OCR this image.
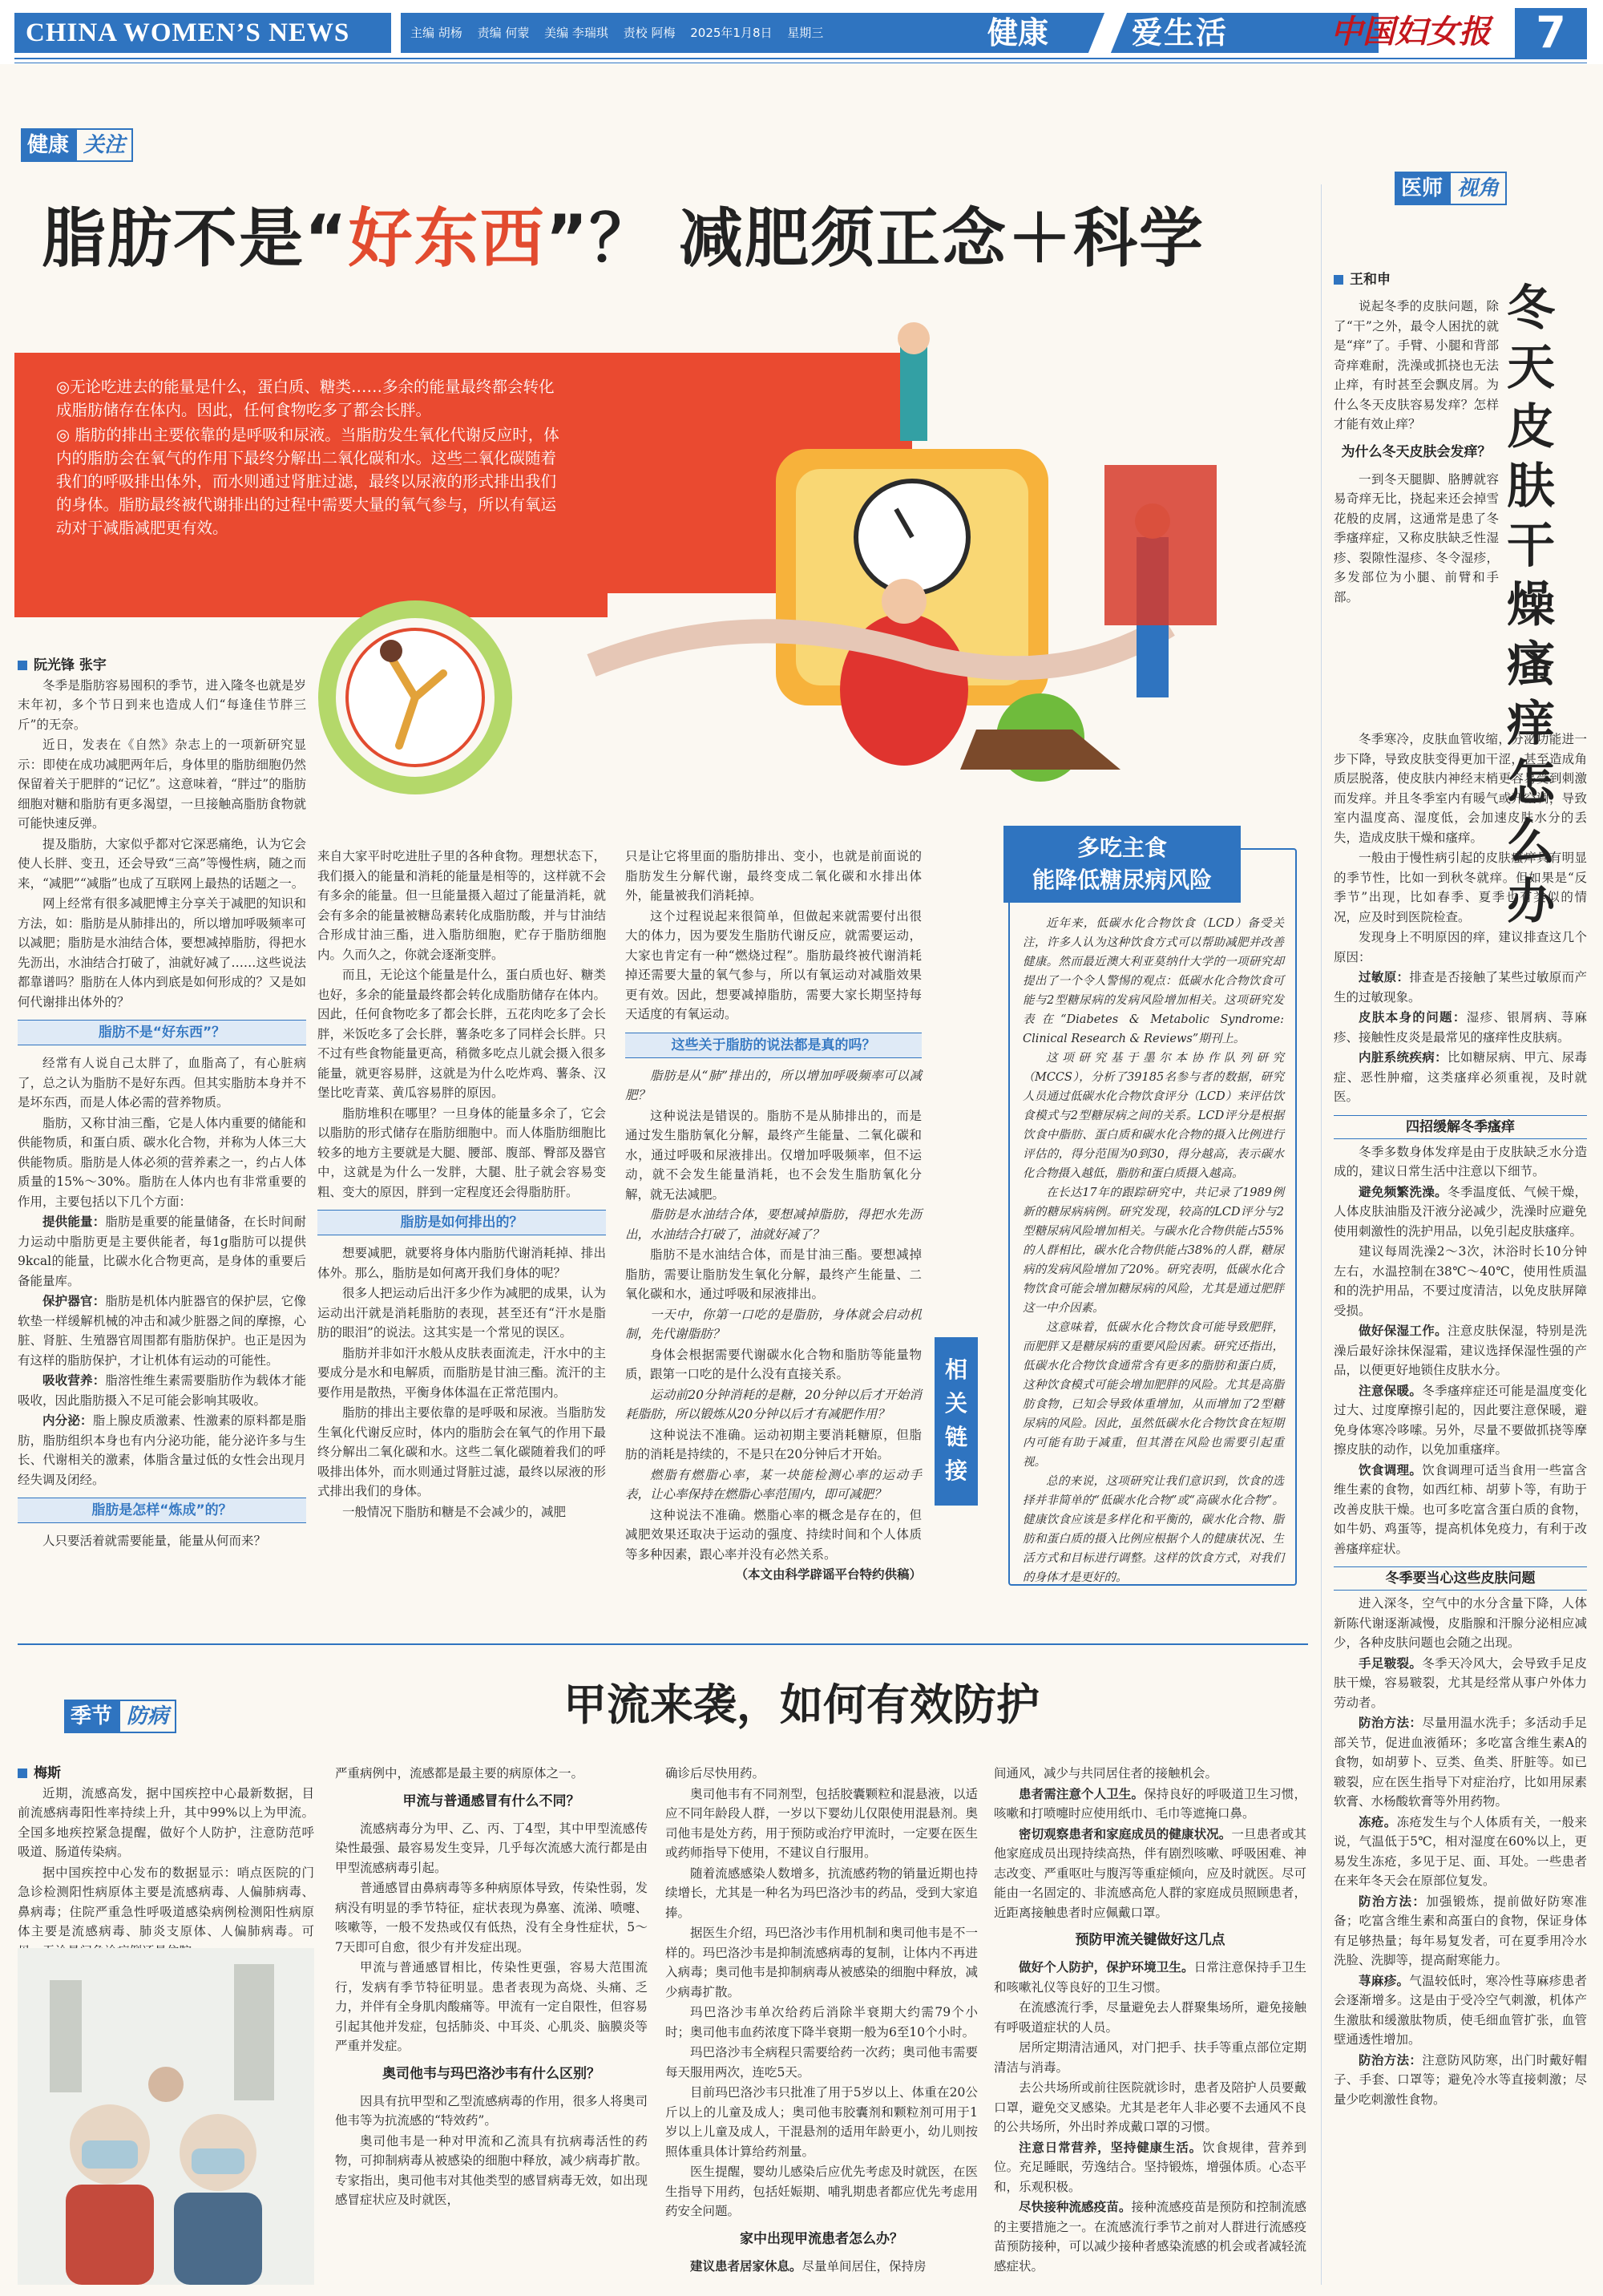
CHINA WOMEN’S NEWS	主编 胡杨 责编 何蒙 美编 李瑞琪 责校 阿梅 2025年1月8日 星期三	健康	爱生活	中国妇女报	7
健康 关注
脂肪不是“好东西”？ 减肥须正念＋科学

◎无论吃进去的能量是什么，蛋白质、糖类……多余的能量最终都会转化成脂肪储存在体内。因此，任何食物吃多了都会长胖。

◎ 脂肪的排出主要依靠的是呼吸和尿液。当脂肪发生氧化代谢反应时，体内的脂肪会在氧气的作用下最终分解出二氧化碳和水。这些二氧化碳随着我们的呼吸排出体外，而水则通过肾脏过滤，最终以尿液的形式排出我们的身体。脂肪最终被代谢排出的过程中需要大量的氧气参与，所以有氧运动对于减脂减肥更有效。

阮光锋 张宇

冬季是脂肪容易囤积的季节，进入隆冬也就是岁末年初，多个节日到来也造成人们“每逢佳节胖三斤”的无奈。

近日，发表在《自然》杂志上的一项新研究显示：即使在成功减肥两年后，身体里的脂肪细胞仍然保留着关于肥胖的“记忆”。这意味着，“胖过”的脂肪细胞对糖和脂肪有更多渴望，一旦接触高脂肪食物就可能快速反弹。

提及脂肪，大家似乎都对它深恶痛绝，认为它会使人长胖、变丑，还会导致“三高”等慢性病，随之而来，“减肥”“减脂”也成了互联网上最热的话题之一。

网上经常有很多减肥博主分享关于减肥的知识和方法，如：脂肪是从肺排出的，所以增加呼吸频率可以减肥；脂肪是水油结合体，要想减掉脂肪，得把水先沥出，水油结合打破了，油就好减了……这些说法都靠谱吗？脂肪在人体内到底是如何形成的？又是如何代谢排出体外的？

脂肪不是“好东西”？

经常有人说自己太胖了，血脂高了，有心脏病了，总之认为脂肪不是好东西。但其实脂肪本身并不是坏东西，而是人体必需的营养物质。

脂肪，又称甘油三酯，它是人体内重要的储能和供能物质，和蛋白质、碳水化合物，并称为人体三大供能物质。脂肪是人体必须的营养素之一，约占人体质量的15%～30%。脂肪在人体内也有非常重要的作用，主要包括以下几个方面：

提供能量：脂肪是重要的能量储备，在长时间耐力运动中脂肪更是主要供能者，每1g脂肪可以提供9kcal的能量，比碳水化合物更高，是身体的重要后备能量库。

保护器官：脂肪是机体内脏器官的保护层，它像软垫一样缓解机械的冲击和减少脏器之间的摩擦，心脏、肾脏、生殖器官周围都有脂肪保护。也正是因为有这样的脂肪保护，才让机体有运动的可能性。

吸收营养：脂溶性维生素需要脂肪作为载体才能吸收，因此脂肪摄入不足可能会影响其吸收。

内分泌：脂上腺皮质激素、性激素的原料都是脂肪，脂肪组织本身也有内分泌功能，能分泌许多与生长、代谢相关的激素，体脂含量过低的女性会出现月经失调及闭经。

脂肪是怎样“炼成”的？

人只要活着就需要能量，能量从何而来？

来自大家平时吃进肚子里的各种食物。理想状态下，我们摄入的能量和消耗的能量是相等的，这样就不会有多余的能量。但一旦能量摄入超过了能量消耗，就会有多余的能量被糖岛素转化成脂肪酸，并与甘油结合形成甘油三酯，进入脂肪细胞，贮存于脂肪细胞内。久而久之，你就会逐渐变胖。

而且，无论这个能量是什么，蛋白质也好、糖类也好，多余的能量最终都会转化成脂肪储存在体内。因此，任何食物吃多了都会长胖，五花肉吃多了会长胖，米饭吃多了会长胖，薯条吃多了同样会长胖。只不过有些食物能量更高，稍微多吃点儿就会摄入很多能量，就更容易胖，这就是为什么吃炸鸡、薯条、汉堡比吃青菜、黄瓜容易胖的原因。

脂肪堆积在哪里？一旦身体的能量多余了，它会以脂肪的形式储存在脂肪细胞中。而人体脂肪细胞比较多的地方主要就是大腿、腰部、腹部、臀部及器官中，这就是为什么一发胖，大腿、肚子就会容易变粗、变大的原因，胖到一定程度还会得脂肪肝。

脂肪是如何排出的？

想要减肥，就要将身体内脂肪代谢消耗掉、排出体外。那么，脂肪是如何离开我们身体的呢？

很多人把运动后出汗多少作为减肥的成果，认为运动出汗就是消耗脂肪的表现，甚至还有“汗水是脂肪的眼泪”的说法。这其实是一个常见的误区。

脂肪并非如汗水般从皮肤表面流走，汗水中的主要成分是水和电解质，而脂肪是甘油三酯。流汗的主要作用是散热，平衡身体体温在正常范围内。

脂肪的排出主要依靠的是呼吸和尿液。当脂肪发生氧化代谢反应时，体内的脂肪会在氧气的作用下最终分解出二氧化碳和水。这些二氧化碳随着我们的呼吸排出体外，而水则通过肾脏过滤，最终以尿液的形式排出我们的身体。

一般情况下脂肪和糖是不会减少的，减肥

只是让它将里面的脂肪排出、变小，也就是前面说的脂肪发生分解代谢，最终变成二氧化碳和水排出体外，能量被我们消耗掉。

这个过程说起来很简单，但做起来就需要付出很大的体力，因为要发生脂肪代谢反应，就需要运动，大家也肯定有一种“燃烧过程”。脂肪最终被代谢消耗掉还需要大量的氧气参与，所以有氧运动对减脂效果更有效。因此，想要减掉脂肪，需要大家长期坚持每天适度的有氧运动。

这些关于脂肪的说法都是真的吗？

脂肪是从“肺”排出的，所以增加呼吸频率可以减肥？

这种说法是错误的。脂肪不是从肺排出的，而是通过发生脂肪氧化分解，最终产生能量、二氧化碳和水，通过呼吸和尿液排出。仅增加呼吸频率，但不运动，就不会发生能量消耗，也不会发生脂肪氧化分解，就无法减肥。

脂肪是水油结合体，要想减掉脂肪，得把水先沥出，水油结合打破了，油就好减了？

脂肪不是水油结合体，而是甘油三酯。要想减掉脂肪，需要让脂肪发生氧化分解，最终产生能量、二氧化碳和水，通过呼吸和尿液排出。

一天中，你第一口吃的是脂肪，身体就会启动机制，先代谢脂肪？

身体会根据需要代谢碳水化合物和脂肪等能量物质，跟第一口吃的是什么没有直接关系。

运动前20分钟消耗的是糖，20分钟以后才开始消耗脂肪，所以锻炼从20分钟以后才有减肥作用？

这种说法不准确。运动初期主要消耗糖原，但脂肪的消耗是持续的，不是只在20分钟后才开始。

燃脂有燃脂心率，某一块能检测心率的运动手表，让心率保持在燃脂心率范围内，即可减肥？

这种说法不准确。燃脂心率的概念是存在的，但减肥效果还取决于运动的强度、持续时间和个人体质等多种因素，跟心率并没有必然关系。

（本文由科学辟谣平台特约供稿）

多吃主食
能降低糖尿病风险
相关链接

近年来，低碳水化合物饮食（LCD）备受关注，许多人认为这种饮食方式可以帮助减肥并改善健康。然而最近澳大利亚莫纳什大学的一项研究却提出了一个令人警惕的观点：低碳水化合物饮食可能与2型糖尿病的发病风险增加相关。这项研究发表在“Diabetes & Metabolic Syndrome: Clinical Research & Reviews”期刊上。

这项研究基于墨尔本协作队列研究（MCCS），分析了39185名参与者的数据，研究人员通过低碳水化合物饮食评分（LCD）来评估饮食模式与2型糖尿病之间的关系。LCD评分是根据饮食中脂肪、蛋白质和碳水化合物的摄入比例进行评估的，得分范围为0到30，得分越高，表示碳水化合物摄入越低，脂肪和蛋白质摄入越高。

在长达17年的跟踪研究中，共记录了1989例新的糖尿病病例。研究发现，较高的LCD评分与2型糖尿病风险增加相关。与碳水化合物供能占55%的人群相比，碳水化合物供能占38%的人群，糖尿病的发病风险增加了20%。研究表明，低碳水化合物饮食可能会增加糖尿病的风险，尤其是通过肥胖这一中介因素。

这意味着，低碳水化合物饮食可能导致肥胖，而肥胖又是糖尿病的重要风险因素。研究还指出，低碳水化合物饮食通常含有更多的脂肪和蛋白质，这种饮食模式可能会增加肥胖的风险。尤其是高脂肪食物，已知会导致体重增加，从而增加了2型糖尿病的风险。因此，虽然低碳水化合物饮食在短期内可能有助于减重，但其潜在风险也需要引起重视。

总的来说，这项研究让我们意识到，饮食的选择并非简单的“低碳水化合物”或“高碳水化合物”。健康饮食应该是多样化和平衡的，碳水化合物、脂肪和蛋白质的摄入比例应根据个人的健康状况、生活方式和目标进行调整。这样的饮食方式，对我们的身体才是更好的。

医师 视角
王和申
冬天皮肤干燥瘙痒怎么办

说起冬季的皮肤问题，除了“干”之外，最令人困扰的就是“痒”了。手臂、小腿和背部奇痒难耐，洗澡或抓挠也无法止痒，有时甚至会飘皮屑。为什么冬天皮肤容易发痒？怎样才能有效止痒？

为什么冬天皮肤会发痒？

一到冬天腿脚、胳膊就容易奇痒无比，挠起来还会掉雪花般的皮屑，这通常是患了冬季瘙痒症，又称皮肤缺乏性湿疹、裂隙性湿疹、冬令湿疹，多发部位为小腿、前臂和手部。

冬季寒冷，皮肤血管收缩，分泌功能进一步下降，导致皮肤变得更加干涩，甚至造成角质层脱落，使皮肤内神经末梢更容易受到刺激而发痒。并且冬季室内有暖气或开空调，导致室内温度高、湿度低，会加速皮肤水分的丢失，造成皮肤干燥和瘙痒。

一般由于慢性病引起的皮肤瘙痒具有明显的季节性，比如一到秋冬就痒。但如果是“反季节”出现，比如春季、夏季也有类似的情况，应及时到医院检查。

发现身上不明原因的痒，建议排查这几个原因：

过敏原：排查是否接触了某些过敏原而产生的过敏现象。

皮肤本身的问题：湿疹、银屑病、荨麻疹、接触性皮炎是最常见的瘙痒性皮肤病。

内脏系统疾病：比如糖尿病、甲亢、尿毒症、恶性肿瘤，这类瘙痒必须重视，及时就医。

四招缓解冬季瘙痒

冬季多数身体发痒是由于皮肤缺乏水分造成的，建议日常生活中注意以下细节。

避免频繁洗澡。冬季温度低、气候干燥，人体皮肤油脂及汗液分泌减少，洗澡时应避免使用刺激性的洗护用品，以免引起皮肤瘙痒。

建议每周洗澡2～3次，沐浴时长10分钟左右，水温控制在38℃～40℃，使用性质温和的洗护用品，不要过度清洁，以免皮肤屏障受损。

做好保湿工作。注意皮肤保湿，特别是洗澡后最好涂抹保湿霜，建议选择保湿性强的产品，以便更好地锁住皮肤水分。

注意保暖。冬季瘙痒症还可能是温度变化过大、过度摩擦引起的，因此要注意保暖，避免身体寒冷哆嗦。另外，尽量不要做抓挠等摩擦皮肤的动作，以免加重瘙痒。

饮食调理。饮食调理可适当食用一些富含维生素的食物，如西红柿、胡萝卜等，有助于改善皮肤干燥。也可多吃富含蛋白质的食物，如牛奶、鸡蛋等，提高机体免疫力，有利于改善瘙痒症状。

冬季要当心这些皮肤问题

进入深冬，空气中的水分含量下降，人体新陈代谢逐渐减慢，皮脂腺和汗腺分泌相应减少，各种皮肤问题也会随之出现。

手足皲裂。冬季天冷风大，会导致手足皮肤干燥，容易皲裂，尤其是经常从事户外体力劳动者。

防治方法：尽量用温水洗手；多活动手足部关节，促进血液循环；多吃富含维生素A的食物，如胡萝卜、豆类、鱼类、肝脏等。如已皲裂，应在医生指导下对症治疗，比如用尿素软膏、水杨酸软膏等外用药物。

冻疮。冻疮发生与个人体质有关，一般来说，气温低于5℃，相对湿度在60%以上，更易发生冻疮，多见于足、面、耳处。一些患者在来年冬天会在原部位复发。

防治方法：加强锻炼，提前做好防寒准备；吃富含维生素和高蛋白的食物，保证身体有足够热量；每年易复发者，可在夏季用冷水洗脸、洗脚等，提高耐寒能力。

荨麻疹。气温较低时，寒冷性荨麻疹患者会逐渐增多。这是由于受冷空气刺激，机体产生激肽和缓激肽物质，使毛细血管扩张，血管壁通透性增加。

防治方法：注意防风防寒，出门时戴好帽子、手套、口罩等；避免冷水等直接刺激；尽量少吃刺激性食物。

季节 防病	甲流来袭，如何有效防护
梅斯

近期，流感高发，据中国疾控中心最新数据，目前流感病毒阳性率持续上升，其中99%以上为甲流。全国多地疾控紧急提醒，做好个人防护，注意防范呼吸道、肠道传染病。

据中国疾控中心发布的数据显示：哨点医院的门急诊检测阳性病原体主要是流感病毒、人偏肺病毒、鼻病毒；住院严重急性呼吸道感染病例检测阳性病原体主要是流感病毒、肺炎支原体、人偏肺病毒。可

严重病例中，流感都是最主要的病原体之一。

甲流与普通感冒有什么不同？

流感病毒分为甲、乙、丙、丁4型，其中甲型流感传染性最强、最容易发生变异，几乎每次流感大流行都是由甲型流感病毒引起。

普通感冒由鼻病毒等多种病原体导致，传染性弱，发病没有明显的季节特征，症状表现为鼻塞、流涕、喷嚏、咳嗽等，一般不发热或仅有低热，没有全身性症状，5～7天即可自愈，很少有并发症出现。

甲流与普通感冒相比，传染性更强，容易大范围流行，发病有季节特征明显。患者表现为高烧、头痛、乏力，并伴有全身肌肉酸痛等。甲流有一定自限性，但容易引起其他并发症，包括肺炎、中耳炎、心肌炎、脑膜炎等严重并发症。

奥司他韦与玛巴洛沙韦有什么区别？

因具有抗甲型和乙型流感病毒的作用，很多人将奥司他韦等为抗流感的“特效药”。

奥司他韦是一种对甲流和乙流具有抗病毒活性的药物，可抑制病毒从被感染的细胞中释放，减少病毒扩散。专家指出，奥司他韦对其他类型的感冒病毒无效，如出现感冒症状应及时就医，

确诊后尽快用药。

奥司他韦有不同剂型，包括胶囊颗粒和混悬液，以适应不同年龄段人群，一岁以下婴幼儿仅限使用混悬剂。奥司他韦是处方药，用于预防或治疗甲流时，一定要在医生或药师指导下使用，不建议自行服用。

随着流感感染人数增多，抗流感药物的销量近期也持续增长，尤其是一种名为玛巴洛沙韦的药品，受到大家追捧。

据医生介绍，玛巴洛沙韦作用机制和奥司他韦是不一样的。玛巴洛沙韦是抑制流感病毒的复制，让体内不再进入病毒；奥司他韦是抑制病毒从被感染的细胞中释放，减少病毒扩散。

玛巴洛沙韦单次给药后消除半衰期大约需79个小时；奥司他韦血药浓度下降半衰期一般为6至10个小时。

玛巴洛沙韦全病程只需要给药一次药；奥司他韦需要每天服用两次，连吃5天。

目前玛巴洛沙韦只批准了用于5岁以上、体重在20公斤以上的儿童及成人；奥司他韦胶囊剂和颗粒剂可用于1岁以上儿童及成人，干混悬剂的适用年龄更小，幼儿则按照体重具体计算给药剂量。

医生提醒，婴幼儿感染后应优先考虑及时就医，在医生指导下用药，包括妊娠期、哺乳期患者都应优先考虑用药安全问题。

家中出现甲流患者怎么办？

建议患者居家休息。尽量单间居住，保持房

间通风，减少与共同居住者的接触机会。

患者需注意个人卫生。保持良好的呼吸道卫生习惯，咳嗽和打喷嚏时应使用纸巾、毛巾等遮掩口鼻。

密切观察患者和家庭成员的健康状况。一旦患者或其他家庭成员出现持续高热，伴有剧烈咳嗽、呼吸困难、神志改变、严重呕吐与腹泻等重症倾向，应及时就医。尽可能由一名固定的、非流感高危人群的家庭成员照顾患者，近距离接触患者时应佩戴口罩。

预防甲流关键做好这几点

做好个人防护，保护环境卫生。日常注意保持手卫生和咳嗽礼仪等良好的卫生习惯。

在流感流行季，尽量避免去人群聚集场所，避免接触有呼吸道症状的人员。

居所定期清洁通风，对门把手、扶手等重点部位定期清洁与消毒。

去公共场所或前往医院就诊时，患者及陪护人员要戴口罩，避免交叉感染。尤其是老年人非必要不去通风不良的公共场所，外出时养成戴口罩的习惯。

注意日常营养，坚持健康生活。饮食规律，营养到位。充足睡眠，劳逸结合。坚持锻炼，增强体质。心态平和，乐观积极。

尽快接种流感疫苗。接种流感疫苗是预防和控制流感的主要措施之一。在流感流行季节之前对人群进行流感疫苗预防接种，可以减少接种者感染流感的机会或者减轻流感症状。
